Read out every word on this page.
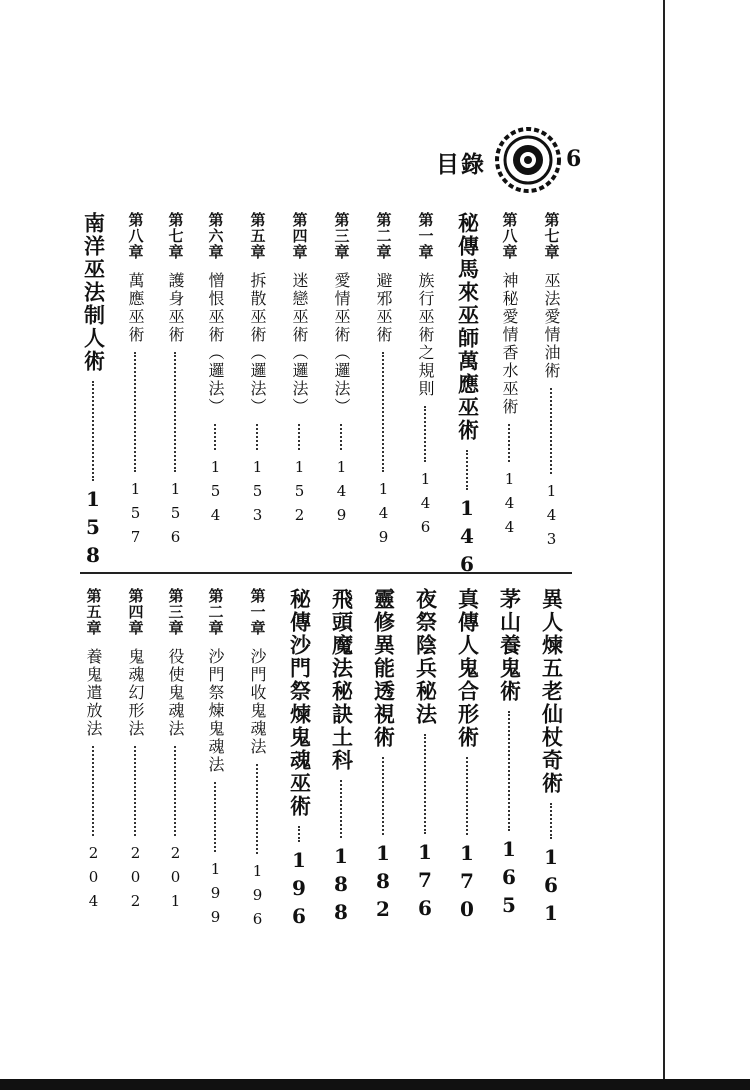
目錄	6
第七章
巫法愛情油術
143
第八章
神秘愛情香水巫術
144
秘傳馬來巫師萬應巫術
146
第一章
族行巫術之規則
146
第二章
避邪巫術
149
第三章
愛情巫術（邏法）
149
第四章
迷戀巫術（邏法）
152
第五章
拆散巫術（邏法）
153
第六章
憎恨巫術（邏法）
154
第七章
護身巫術
156
第八章
萬應巫術
157
南洋巫法制人術
158
異人煉五老仙杖奇術
161
茅山養鬼術
165
真傳人鬼合形術
170
夜祭陰兵秘法
176
靈修異能透視術
182
飛頭魔法秘訣土科
188
秘傳沙門祭煉鬼魂巫術
196
第一章
沙門收鬼魂法
196
第二章
沙門祭煉鬼魂法
199
第三章
役使鬼魂法
201
第四章
鬼魂幻形法
202
第五章
養鬼遣放法
204
